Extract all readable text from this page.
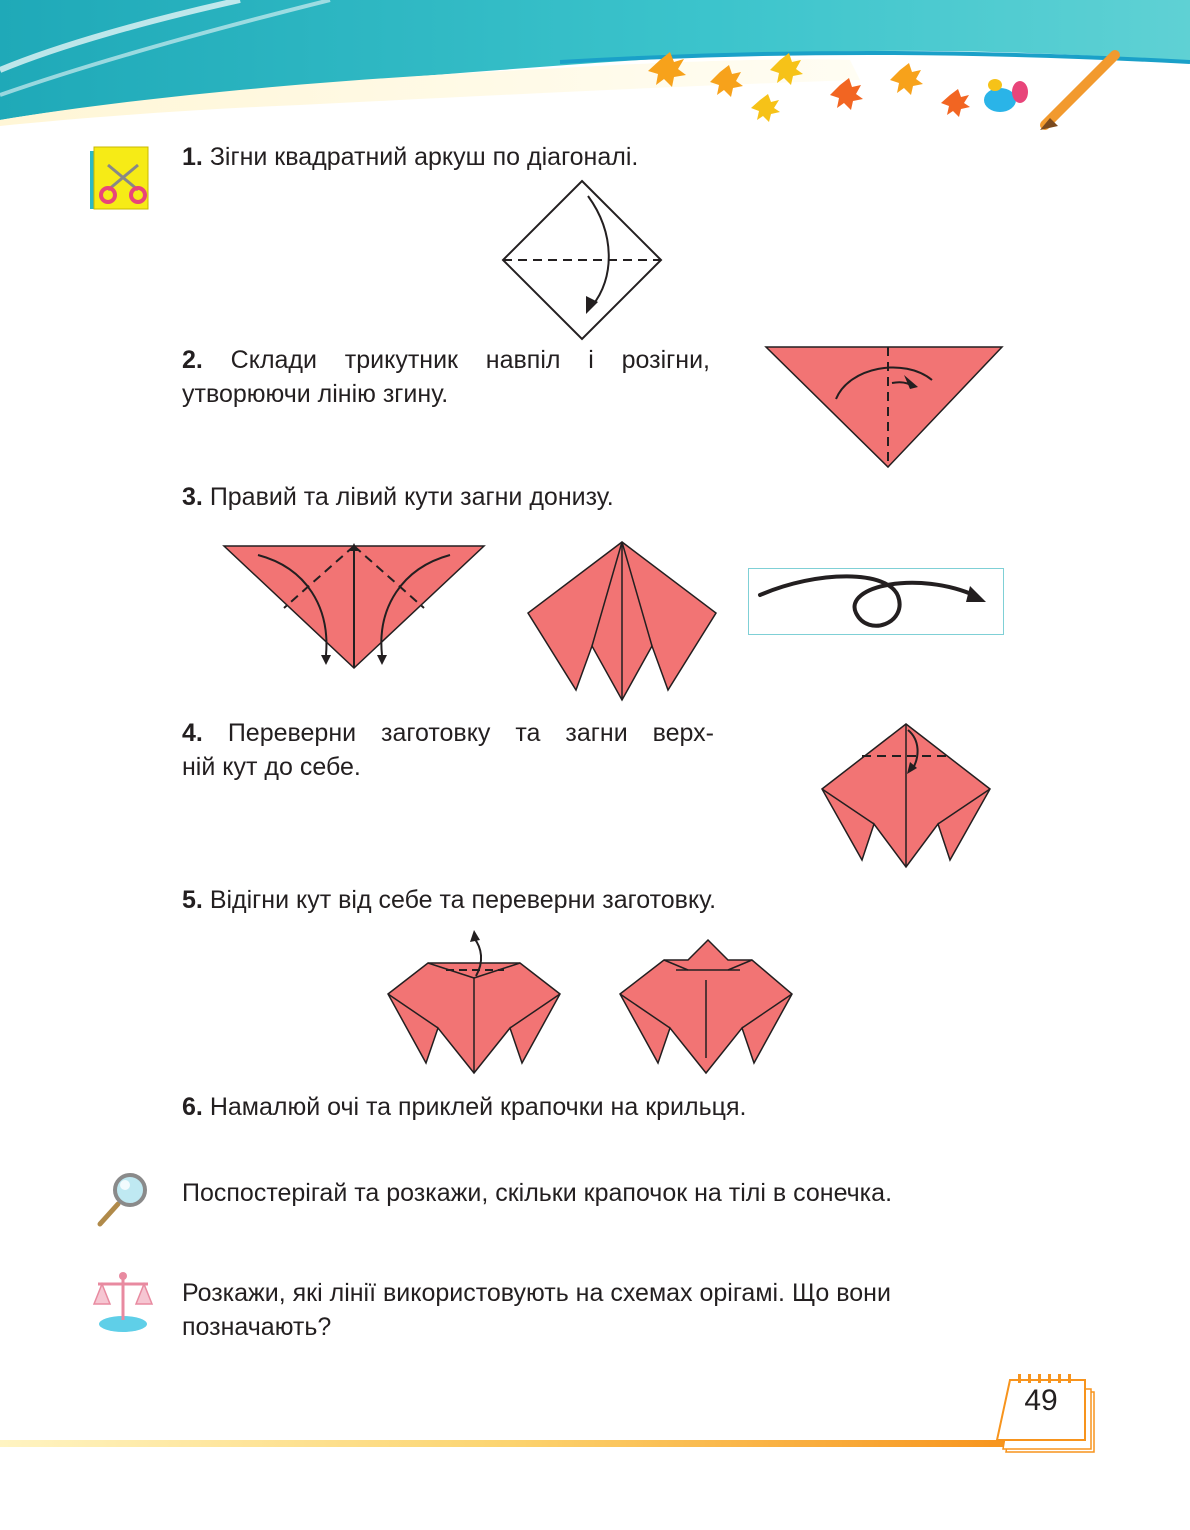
1. Зігни квадратний аркуш по діагоналі.
2. Склади трикутник навпіл і розігни,
утворюючи лінію згину.
3. Правий та лівий кути загни донизу.
4. Переверни заготовку та загни верх-
ній кут до себе.
5. Відігни кут від себе та переверни заготовку.
6. Намалюй очі та приклей крапочки на крильця.
Поспостерігай та розкажи, скільки крапочок на тілі в сонечка.
Розкажи, які лінії використовують на схемах орігамі. Що вони
позначають?
49
